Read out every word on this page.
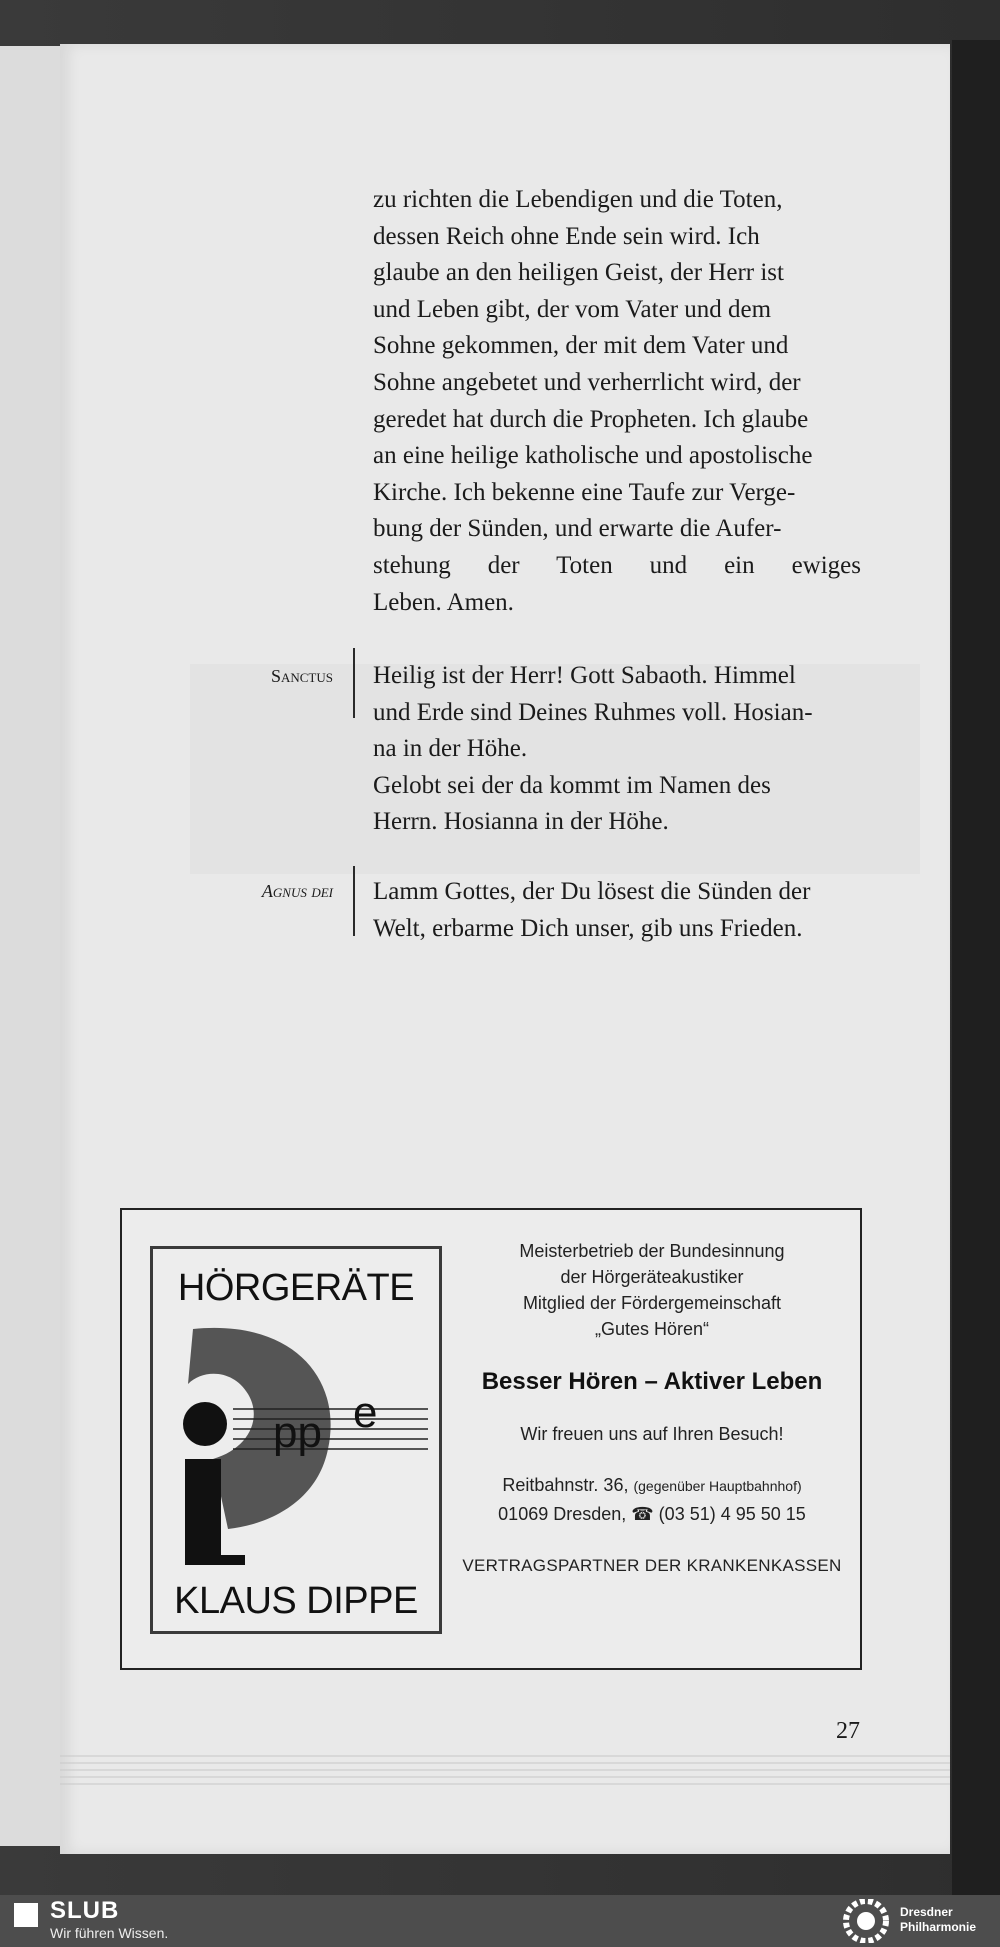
zu richten die Lebendigen und die Toten,

dessen Reich ohne Ende sein wird. Ich

glaube an den heiligen Geist, der Herr ist

und Leben gibt, der vom Vater und dem

Sohne gekommen, der mit dem Vater und

Sohne angebetet und verherrlicht wird, der

geredet hat durch die Propheten. Ich glaube

an eine heilige katholische und apostolische

Kirche. Ich bekenne eine Taufe zur Verge-

bung der Sünden, und erwarte die Aufer-

stehung der Toten und ein ewiges

Leben. Amen.

Sanctus Heilig ist der Herr! Gott Sabaoth. Himmel

und Erde sind Deines Ruhmes voll. Hosian-

na in der Höhe.

Gelobt sei der da kommt im Namen des

Herrn. Hosianna in der Höhe.

Agnus dei Lamm Gottes, der Du lösest die Sünden der

Welt, erbarme Dich unser, gib uns Frieden.

HÖRGERÄTE
pp e
KLAUS DIPPE
Meisterbetrieb der Bundesinnung
der Hörgeräteakustiker
Mitglied der Fördergemeinschaft
„Gutes Hören“
Besser Hören – Aktiver Leben
Wir freuen uns auf Ihren Besuch!
Reitbahnstr. 36, (gegenüber Hauptbahnhof)
01069 Dresden, ☎ (03 51) 4 95 50 15
VERTRAGSPARTNER DER KRANKENKASSEN
27
SLUB
Wir führen Wissen.
Dresdner
Philharmonie
